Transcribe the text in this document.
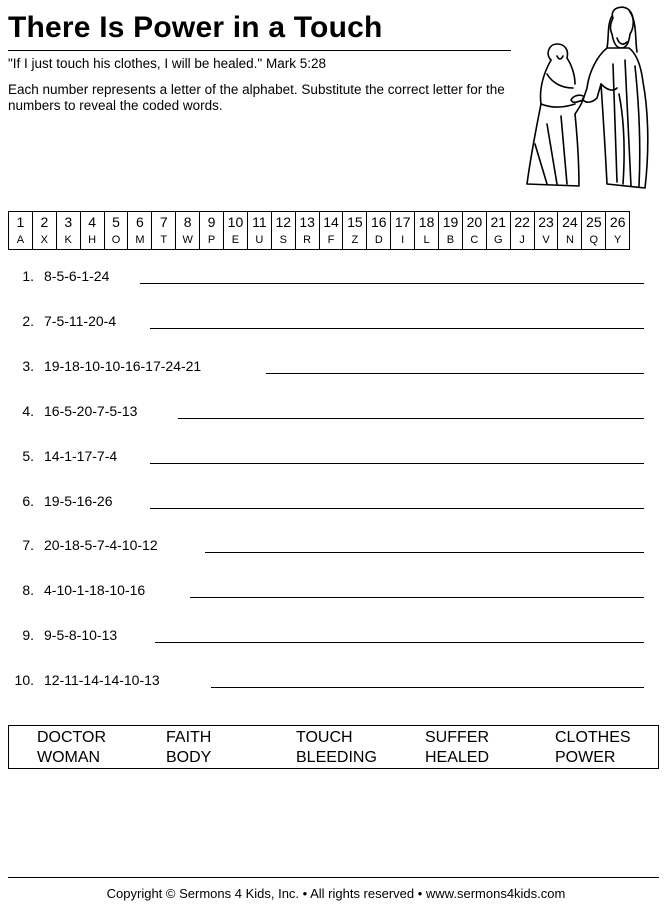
There Is Power in a Touch
"If I just touch his clothes, I will be healed." Mark 5:28
Each number represents a letter of the alphabet. Substitute the correct letter for the numbers to reveal the coded words.
1	2	3	4	5	6	7	8	9	10	11	12	13	14	15	16	17	18	19	20	21	22	23	24	25	26
A	X	K	H	O	M	T	W	P	E	U	S	R	F	Z	D	I	L	B	C	G	J	V	N	Q	Y
1. 8-5-6-1-24
2. 7-5-11-20-4
3. 19-18-10-10-16-17-24-21
4. 16-5-20-7-5-13
5. 14-1-17-7-4
6. 19-5-16-26
7. 20-18-5-7-4-10-12
8. 4-10-1-18-10-16
9. 9-5-8-10-13
10. 12-11-14-14-10-13
DOCTOR	FAITH	TOUCH	SUFFER	CLOTHES
WOMAN	BODY	BLEEDING	HEALED	POWER
Copyright © Sermons 4 Kids, Inc. • All rights reserved • www.sermons4kids.com
